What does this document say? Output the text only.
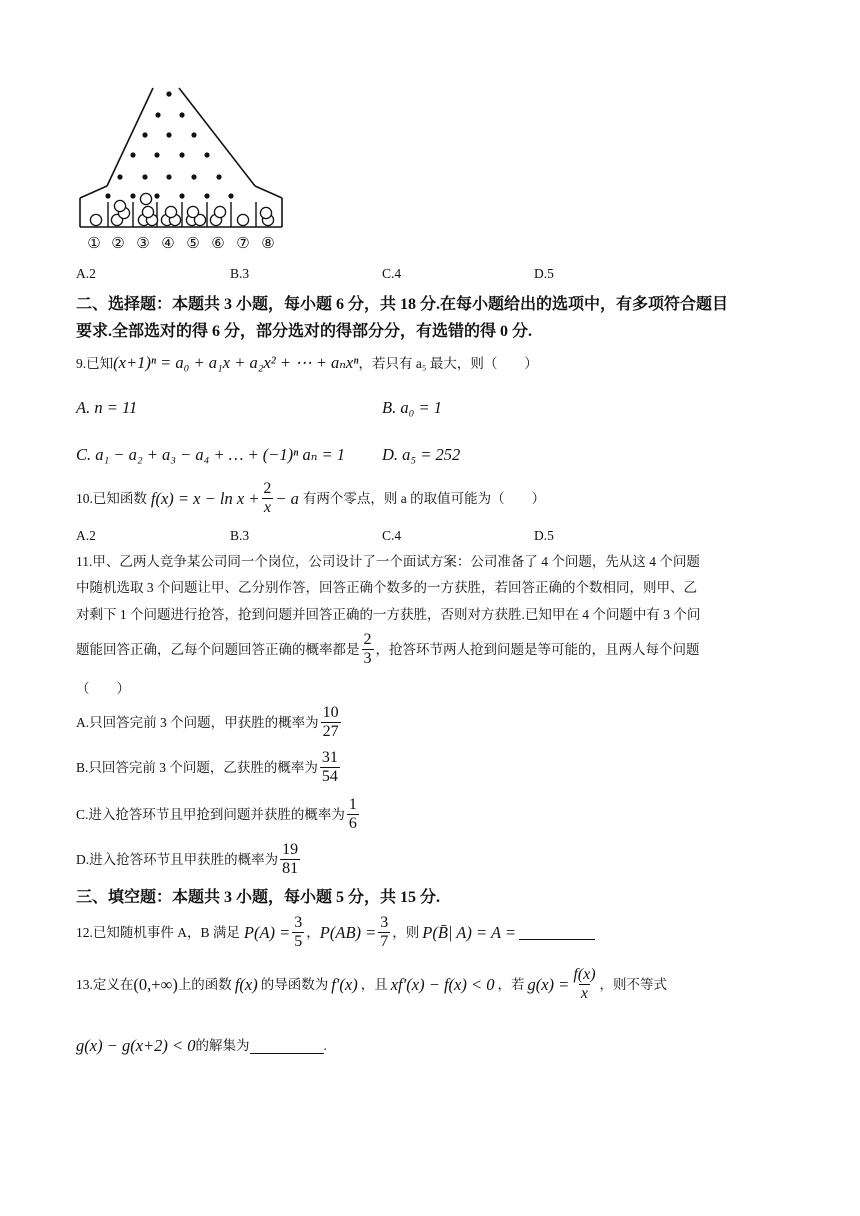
① ② ③ ④ ⑤ ⑥ ⑦ ⑧
A.2	B.3	C.4	D.5
二、选择题：本题共 3 小题，每小题 6 分，共 18 分.在每小题给出的选项中，有多项符合题目
要求.全部选对的得 6 分，部分选对的得部分分，有选错的得 0 分.
9.已知(x+1)ⁿ = a₀ + a₁x + a₂x² + ⋯ + aₙxⁿ，若只有 a₅ 最大，则（　　）
A. n = 11	B. a₀ = 1
C. a₁ − a₂ + a₃ − a₄ + … + (−1)ⁿ aₙ = 1 D. a₅ = 252
10.已知函数 $f(x) = x - \ln x + \frac{2}{x} - a$ 有两个零点，则 a 的取值可能为（　　）
A.2	B.3	C.4	D.5
11.甲、乙两人竞争某公司同一个岗位，公司设计了一个面试方案：公司准备了 4 个问题，先从这 4 个问题
中随机选取 3 个问题让甲、乙分别作答，回答正确个数多的一方获胜，若回答正确的个数相同，则甲、乙
对剩下 1 个问题进行抢答，抢到问题并回答正确的一方获胜，否则对方获胜.已知甲在 4 个问题中有 3 个问
题能回答正确，乙每个问题回答正确的概率都是 $\frac{2}{3}$ ，抢答环节两人抢到问题是等可能的，且两人每个问题
（　　）
A.只回答完前 3 个问题，甲获胜的概率为 $\frac{10}{27}$
B.只回答完前 3 个问题，乙获胜的概率为 $\frac{31}{54}$
C.进入抢答环节且甲抢到问题并获胜的概率为 $\frac{1}{6}$
D.进入抢答环节且甲获胜的概率为 $\frac{19}{81}$
三、填空题：本题共 3 小题，每小题 5 分，共 15 分.
12.已知随机事件 A，B 满足 $P(A) = \frac{3}{5}$ ， $P(AB) = \frac{3}{7}$ ，则 P(B̄| A) = A =
13.定义在 (0,+∞) 上的函数 f(x) 的导函数为 f′(x) ，且 xf′(x) − f(x) < 0 ，若 $g(x) = \frac{f(x)}{x}$ ，则不等式
g(x) − g(x+2) < 0 的解集为	.
